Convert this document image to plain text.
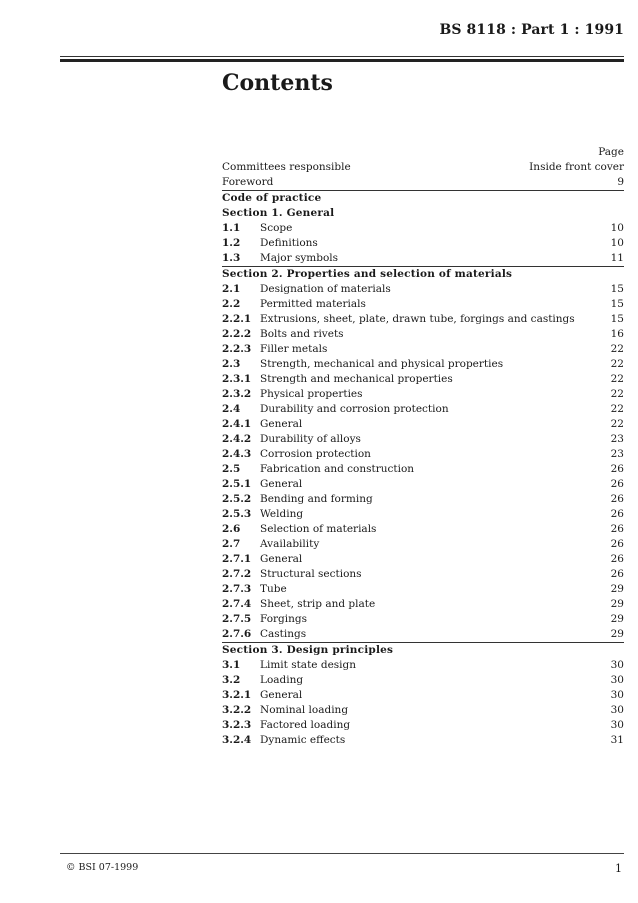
BS 8118 : Part 1 : 1991
Contents
Page
Committees responsible	Inside front cover
Foreword	9
Code of practice
Section 1. General
1.1 Scope	10
1.2 Definitions	10
1.3 Major symbols	11
Section 2. Properties and selection of materials
2.1 Designation of materials	15
2.2 Permitted materials	15
2.2.1 Extrusions, sheet, plate, drawn tube, forgings and castings	15
2.2.2 Bolts and rivets	16
2.2.3 Filler metals	22
2.3 Strength, mechanical and physical properties	22
2.3.1 Strength and mechanical properties	22
2.3.2 Physical properties	22
2.4 Durability and corrosion protection	22
2.4.1 General	22
2.4.2 Durability of alloys	23
2.4.3 Corrosion protection	23
2.5 Fabrication and construction	26
2.5.1 General	26
2.5.2 Bending and forming	26
2.5.3 Welding	26
2.6 Selection of materials	26
2.7 Availability	26
2.7.1 General	26
2.7.2 Structural sections	26
2.7.3 Tube	29
2.7.4 Sheet, strip and plate	29
2.7.5 Forgings	29
2.7.6 Castings	29
Section 3. Design principles
3.1 Limit state design	30
3.2 Loading	30
3.2.1 General	30
3.2.2 Nominal loading	30
3.2.3 Factored loading	30
3.2.4 Dynamic effects	31
© BSI 07-1999	1
